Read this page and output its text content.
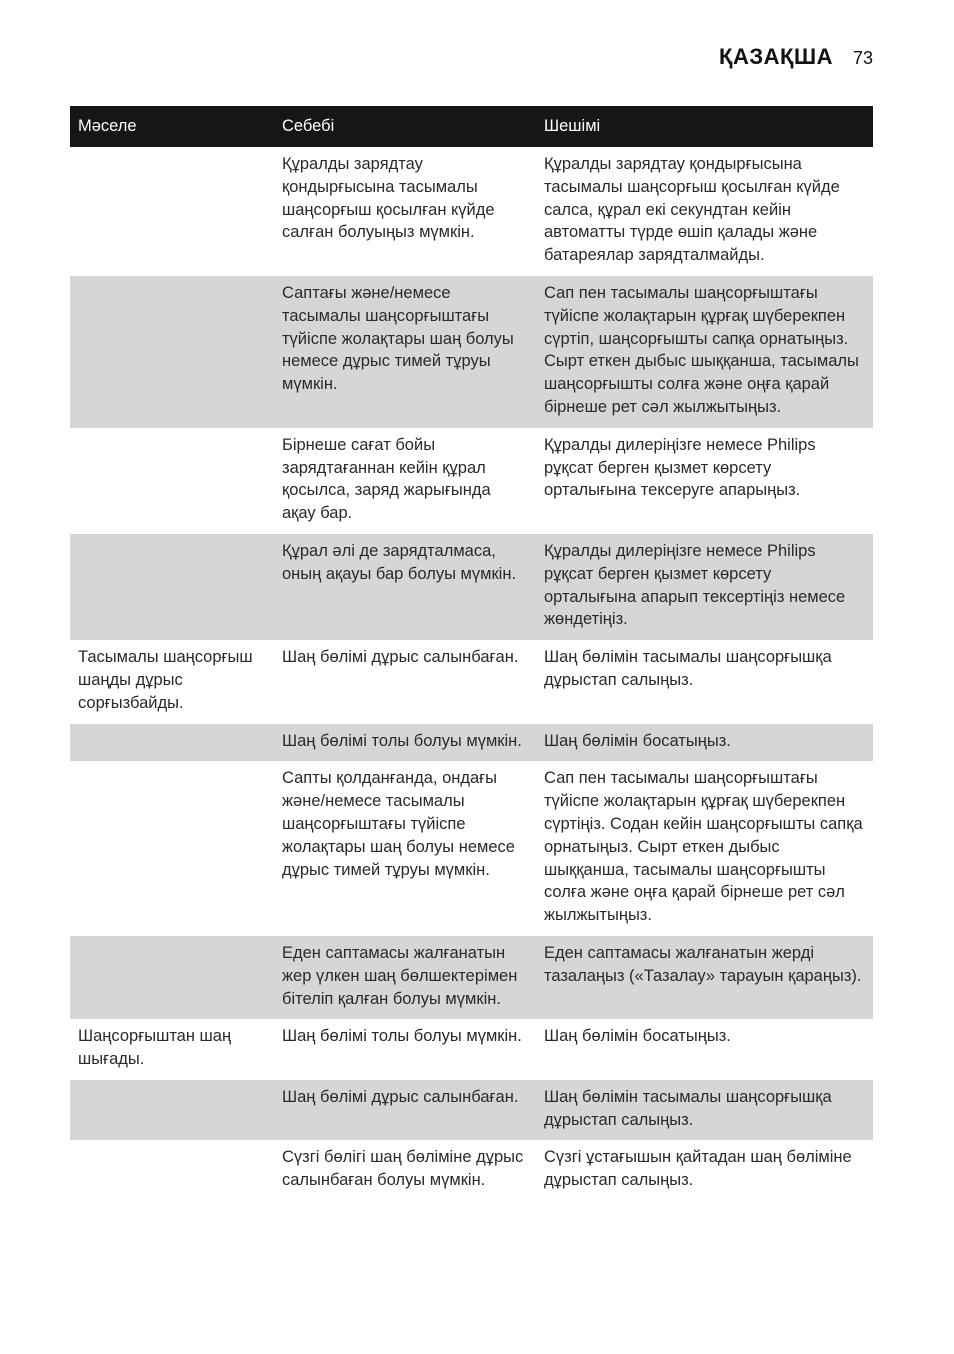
ҚАЗАҚША 73
Мәселе	Себебі	Шешімі
	Құралды зарядтау қондырғысына тасымалы шаңсорғыш қосылған күйде салған болуыңыз мүмкін.	Құралды зарядтау қондырғысына тасымалы шаңсорғыш қосылған күйде салса, құрал екі секундтан кейін автоматты түрде өшіп қалады және батареялар зарядталмайды.
	Саптағы және/немесе тасымалы шаңсорғыштағы түйіспе жолақтары шаң болуы немесе дұрыс тимей тұруы мүмкін.	Сап пен тасымалы шаңсорғыштағы түйіспе жолақтарын құрғақ шүберекпен сүртіп, шаңсорғышты сапқа орнатыңыз. Сырт еткен дыбыс шыққанша, тасымалы шаңсорғышты солға және оңға қарай бірнеше рет сәл жылжытыңыз.
	Бірнеше сағат бойы зарядтағаннан кейін құрал қосылса, заряд жарығында ақау бар.	Құралды дилеріңізге немесе Philips рұқсат берген қызмет көрсету орталығына тексеруге апарыңыз.
	Құрал әлі де зарядталмаса, оның ақауы бар болуы мүмкін.	Құралды дилеріңізге немесе Philips рұқсат берген қызмет көрсету орталығына апарып тексертіңіз немесе жөндетіңіз.
Тасымалы шаңсорғыш шаңды дұрыс сорғызбайды.	Шаң бөлімі дұрыс салынбаған.	Шаң бөлімін тасымалы шаңсорғышқа дұрыстап салыңыз.
	Шаң бөлімі толы болуы мүмкін.	Шаң бөлімін босатыңыз.
	Сапты қолданғанда, ондағы және/немесе тасымалы шаңсорғыштағы түйіспе жолақтары шаң болуы немесе дұрыс тимей тұруы мүмкін.	Сап пен тасымалы шаңсорғыштағы түйіспе жолақтарын құрғақ шүберекпен сүртіңіз. Содан кейін шаңсорғышты сапқа орнатыңыз. Сырт еткен дыбыс шыққанша, тасымалы шаңсорғышты солға және оңға қарай бірнеше рет сәл жылжытыңыз.
	Еден саптамасы жалғанатын жер үлкен шаң бөлшектерімен бітеліп қалған болуы мүмкін.	Еден саптамасы жалғанатын жерді тазалаңыз («Тазалау» тарауын қараңыз).
Шаңсорғыштан шаң шығады.	Шаң бөлімі толы болуы мүмкін.	Шаң бөлімін босатыңыз.
	Шаң бөлімі дұрыс салынбаған.	Шаң бөлімін тасымалы шаңсорғышқа дұрыстап салыңыз.
	Сүзгі бөлігі шаң бөліміне дұрыс салынбаған болуы мүмкін.	Сүзгі ұстағышын қайтадан шаң бөліміне дұрыстап салыңыз.
